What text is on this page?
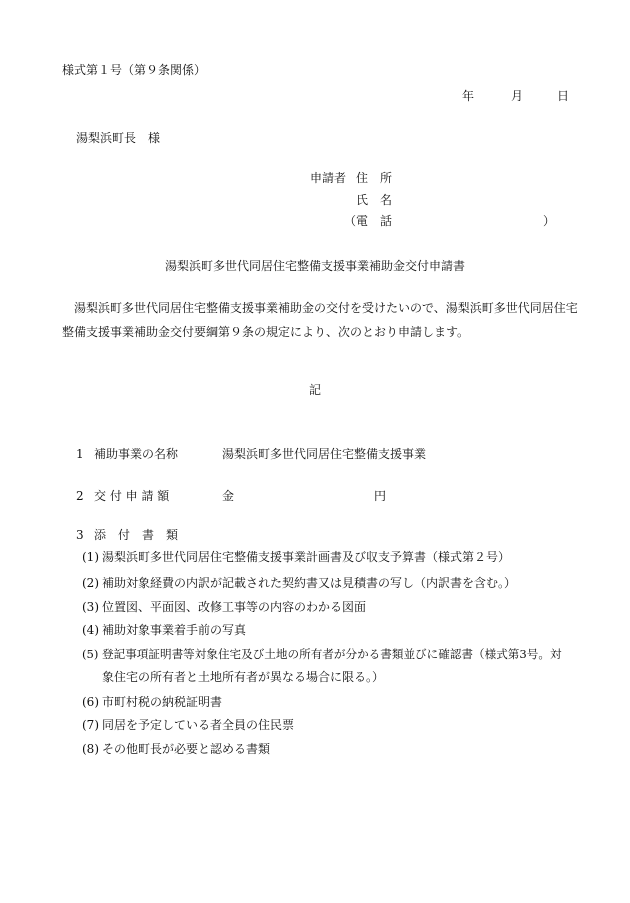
様式第１号（第９条関係）
年	月	日
湯梨浜町長　様
申請者 住　所
氏　名
（電　話	）
湯梨浜町多世代同居住宅整備支援事業補助金交付申請書
湯梨浜町多世代同居住宅整備支援事業補助金の交付を受けたいので、湯梨浜町多世代同居住宅整備支援事業補助金交付要綱第９条の規定により、次のとおり申請します。
記
1 補助事業の名称	湯梨浜町多世代同居住宅整備支援事業
2 交 付 申 請 額	金	円
3 添　付　書　類
(1) 湯梨浜町多世代同居住宅整備支援事業計画書及び収支予算書（様式第２号）
(2) 補助対象経費の内訳が記載された契約書又は見積書の写し（内訳書を含む。）
(3) 位置図、平面図、改修工事等の内容のわかる図面
(4) 補助対象事業着手前の写真
(5) 登記事項証明書等対象住宅及び土地の所有者が分かる書類並びに確認書（様式第3号。対
象住宅の所有者と土地所有者が異なる場合に限る。）
(6) 市町村税の納税証明書
(7) 同居を予定している者全員の住民票
(8) その他町長が必要と認める書類
